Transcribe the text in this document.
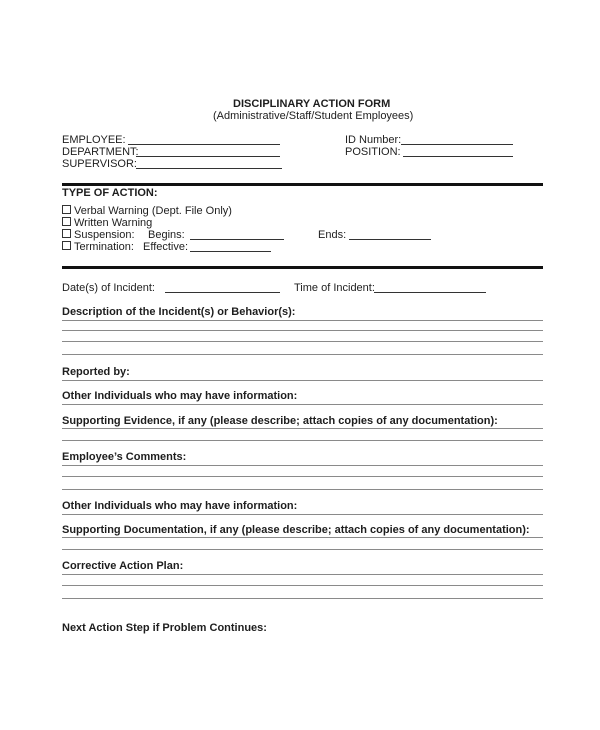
DISCIPLINARY ACTION FORM
(Administrative/Staff/Student Employees)
EMPLOYEE:
DEPARTMENT:
SUPERVISOR:
ID Number:
POSITION:
TYPE OF ACTION:
Verbal Warning (Dept. File Only)
Written Warning
Suspension: Begins:	Ends:
Termination: Effective:
Date(s) of Incident:	Time of Incident:
Description of the Incident(s) or Behavior(s):
Reported by:
Other Individuals who may have information:
Supporting Evidence, if any (please describe; attach copies of any documentation):
Employee’s Comments:
Other Individuals who may have information:
Supporting Documentation, if any (please describe; attach copies of any documentation):
Corrective Action Plan:
Next Action Step if Problem Continues:
